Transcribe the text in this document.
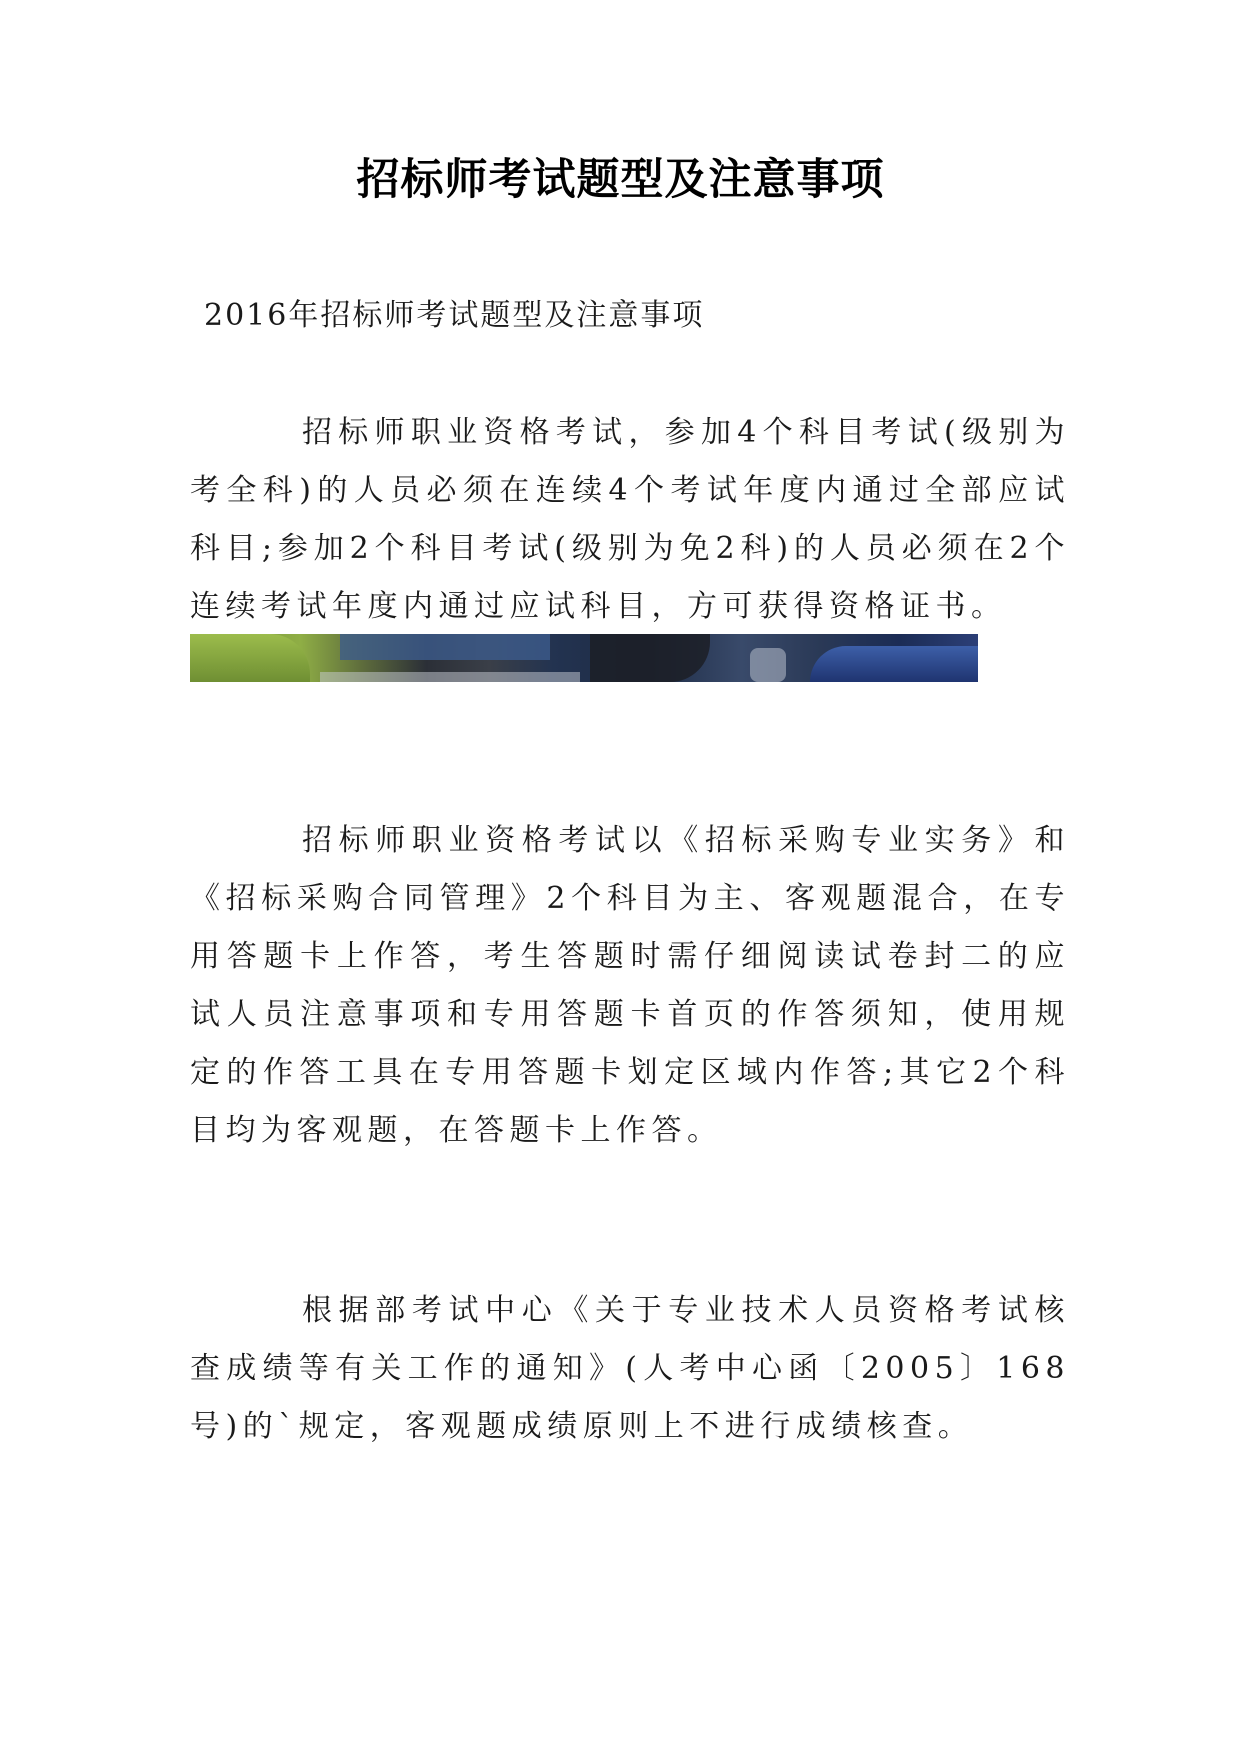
招标师考试题型及注意事项
2016年招标师考试题型及注意事项

招标师职业资格考试，参加4个科目考试(级别为考全科)的人员必须在连续4个考试年度内通过全部应试科目;参加2个科目考试(级别为免2科)的人员必须在2个连续考试年度内通过应试科目，方可获得资格证书。

招标师职业资格考试以《招标采购专业实务》和《招标采购合同管理》2个科目为主、客观题混合，在专用答题卡上作答，考生答题时需仔细阅读试卷封二的应试人员注意事项和专用答题卡首页的作答须知，使用规定的作答工具在专用答题卡划定区域内作答;其它2个科目均为客观题，在答题卡上作答。

根据部考试中心《关于专业技术人员资格考试核查成绩等有关工作的通知》(人考中心函〔2005〕168号)的`规定，客观题成绩原则上不进行成绩核查。
